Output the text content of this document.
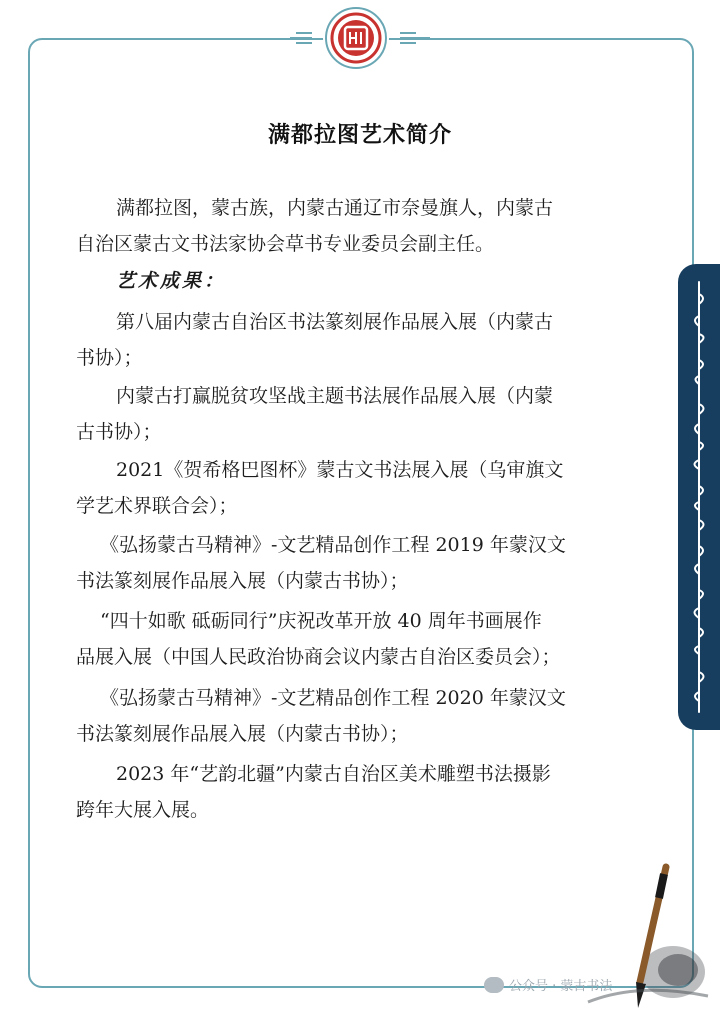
满都拉图艺术简介
满都拉图，蒙古族，内蒙古通辽市奈曼旗人，内蒙古
自治区蒙古文书法家协会草书专业委员会副主任。
艺术成果：
第八届内蒙古自治区书法篆刻展作品展入展（内蒙古
书协）；
内蒙古打赢脱贫攻坚战主题书法展作品展入展（内蒙
古书协）；
2021《贺希格巴图杯》蒙古文书法展入展（乌审旗文
学艺术界联合会）；
《弘扬蒙古马精神》-文艺精品创作工程 2019 年蒙汉文
书法篆刻展作品展入展（内蒙古书协）；
“四十如歌 砥砺同行”庆祝改革开放 40 周年书画展作
品展入展（中国人民政治协商会议内蒙古自治区委员会）；
《弘扬蒙古马精神》-文艺精品创作工程 2020 年蒙汉文
书法篆刻展作品展入展（内蒙古书协）；
2023 年“艺韵北疆”内蒙古自治区美术雕塑书法摄影
跨年大展入展。
公众号 · 蒙古书法
